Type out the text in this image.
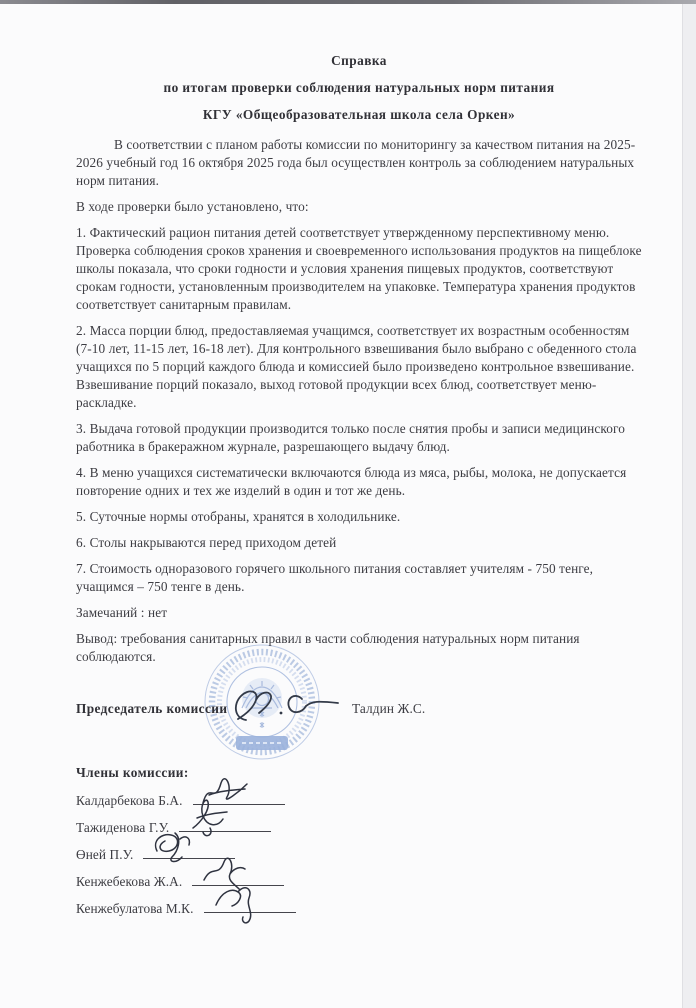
Справка
по итогам проверки соблюдения натуральных норм питания
КГУ «Общеобразовательная школа села Оркен»

В соответствии с планом работы комиссии по мониторингу за качеством питания на 2025-2026 учебный год 16 октября 2025 года был осуществлен контроль за соблюдением натуральных норм питания.

В ходе проверки было установлено, что:

1. Фактический рацион питания детей соответствует утвержденному перспективному меню. Проверка соблюдения сроков хранения и своевременного использования продуктов на пищеблоке школы показала, что сроки годности и условия хранения пищевых продуктов, соответствуют срокам годности, установленным производителем на упаковке. Температура хранения продуктов соответствует санитарным правилам.

2. Масса порции блюд, предоставляемая учащимся, соответствует их возрастным особенностям (7-10 лет, 11-15 лет, 16-18 лет). Для контрольного взвешивания было выбрано с обеденного стола учащихся по 5 порций каждого блюда и комиссией было произведено контрольное взвешивание. Взвешивание порций показало, выход готовой продукции всех блюд, соответствует меню-раскладке.

3. Выдача готовой продукции производится только после снятия пробы и записи медицинского работника в бракеражном журнале, разрешающего выдачу блюд.

4. В меню учащихся систематически включаются блюда из мяса, рыбы, молока, не допускается повторение одних и тех же изделий в один и тот же день.

5. Суточные нормы отобраны, хранятся в холодильнике.

6. Столы накрываются перед приходом детей

7. Стоимость одноразового горячего школьного питания составляет учителям - 750 тенге, учащимся – 750 тенге в день.

Замечаний : нет

Вывод: требования санитарных правил в части соблюдения натуральных норм питания соблюдаются.

Председатель комиссии	Талдин Ж.С.
Члены комиссии:
Калдарбекова Б.А.
Тажиденова Г.У.
Өней П.У.
Кенжебекова Ж.А.
Кенжебулатова М.К.
